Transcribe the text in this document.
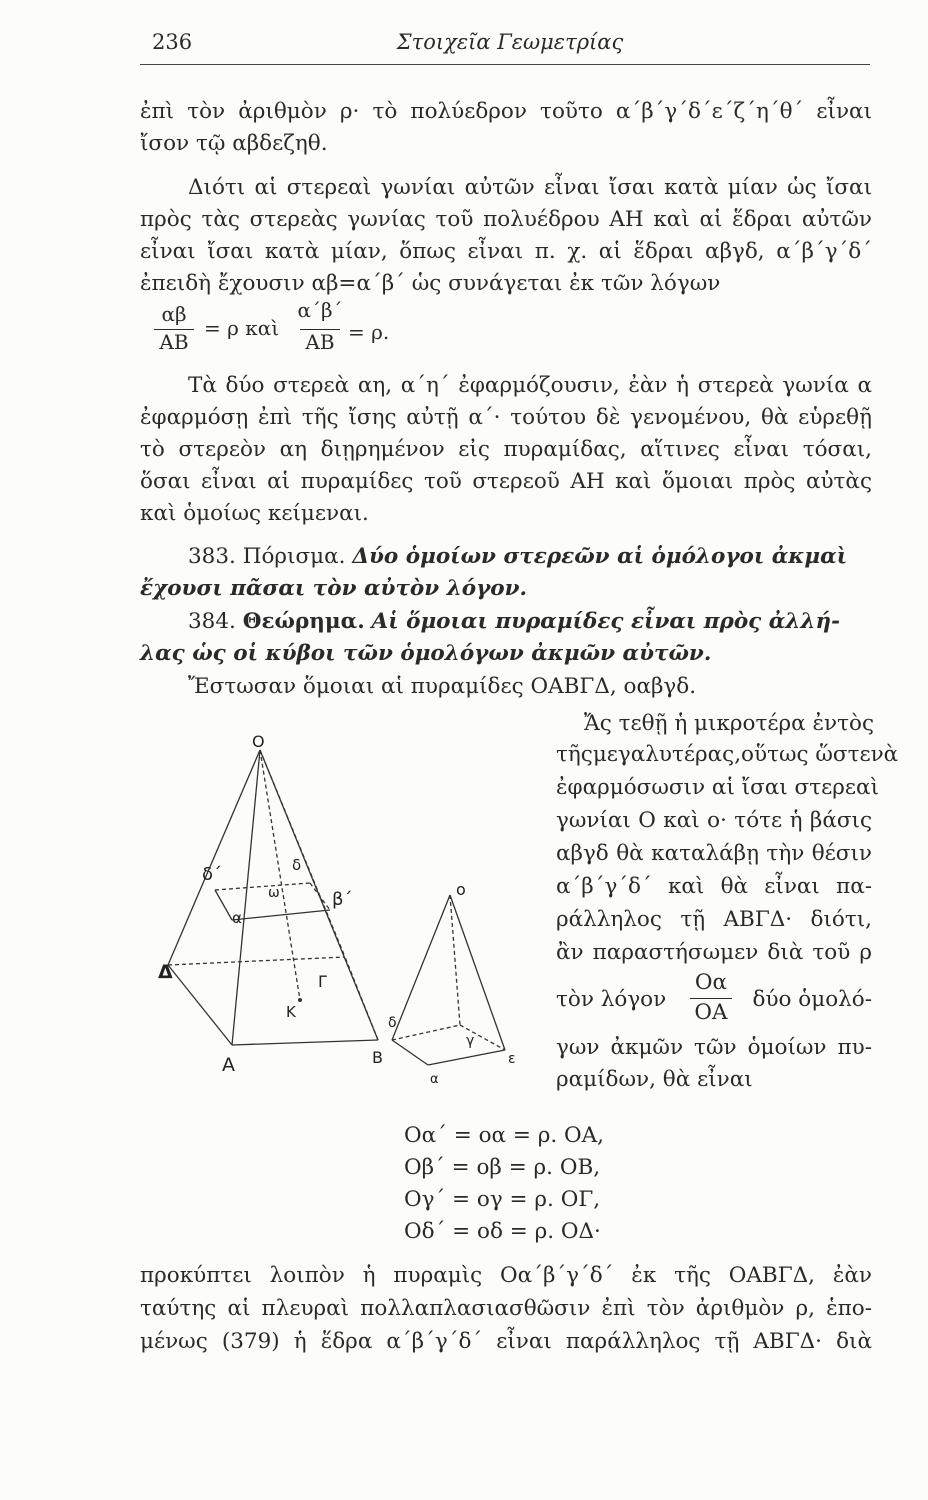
236	Στοιχεῖα Γεωμετρίας
ἐπὶ τὸν ἀριθμὸν ρ· τὸ πολύεδρον τοῦτο α΄β΄γ΄δ΄ε΄ζ΄η΄θ΄ εἶναι
ἴσον τῷ αβδεζηθ.
Διότι αἱ στερεαὶ γωνίαι αὐτῶν εἶναι ἴσαι κατὰ μίαν ὡς ἴσαι
πρὸς τὰς στερεὰς γωνίας τοῦ πολυέδρου ΑΗ καὶ αἱ ἕδραι αὐτῶν
εἶναι ἴσαι κατὰ μίαν, ὅπως εἶναι π. χ. αἱ ἕδραι αβγδ, α΄β΄γ΄δ΄
ἐπειδὴ ἔχουσιν αβ=α΄β΄ ὡς συνάγεται ἐκ τῶν λόγων
αβ
ΑΒ
= ρ καὶ
α΄β΄
ΑΒ = ρ.
Τὰ δύο στερεὰ αη, α΄η΄ ἐφαρμόζουσιν, ἐὰν ἡ στερεὰ γωνία α
ἐφαρμόσῃ ἐπὶ τῆς ἴσης αὐτῇ α΄· τούτου δὲ γενομένου, θὰ εὑρεθῇ
τὸ στερεὸν αη διῃρημένον εἰς πυραμίδας, αἵτινες εἶναι τόσαι,
ὅσαι εἶναι αἱ πυραμίδες τοῦ στερεοῦ ΑΗ καὶ ὅμοιαι πρὸς αὐτὰς
καὶ ὁμοίως κείμεναι.
383. Πόρισμα. Δύο ὁμοίων στερεῶν αἱ ὁμόλογοι ἀκμαὶ
ἔχουσι πᾶσαι τὸν αὐτὸν λόγον.
384. Θεώρημα. Αἱ ὅμοιαι πυραμίδες εἶναι πρὸς ἀλλή-
λας ὡς οἱ κύβοι τῶν ὁμολόγων ἀκμῶν αὐτῶν.
Ἔστωσαν ὅμοιαι αἱ πυραμίδες ΟΑΒΓΔ, οαβγδ.
O
δ΄	δ
ω	β΄
α
Δ	Γ
K
A	B
ο
δ
γ
α
ε
Ἄς τεθῇ ἡ μικροτέρα ἐντὸς
τῆςμεγαλυτέρας,οὕτως ὥστενὰ
ἐφαρμόσωσιν αἱ ἴσαι στερεαὶ
γωνίαι Ο καὶ ο· τότε ἡ βάσις
αβγδ θὰ καταλάβῃ τὴν θέσιν
α΄β΄γ΄δ΄ καὶ θὰ εἶναι πα-
ράλληλος τῇ ΑΒΓΔ· διότι,
ἂν παραστήσωμεν διὰ τοῦ ρ
τὸν λόγον
Οα
ΟΑ
δύο ὁμολό-
γων ἀκμῶν τῶν ὁμοίων πυ-
ραμίδων, θὰ εἶναι
Οα΄ = οα = ρ. ΟΑ,
Οβ΄ = οβ = ρ. ΟΒ,
Ογ΄ = ογ = ρ. ΟΓ,
Οδ΄ = οδ = ρ. ΟΔ·
προκύπτει λοιπὸν ἡ πυραμὶς Οα΄β΄γ΄δ΄ ἐκ τῆς ΟΑΒΓΔ, ἐὰν
ταύτης αἱ πλευραὶ πολλαπλασιασθῶσιν ἐπὶ τὸν ἀριθμὸν ρ, ἑπο-
μένως (379) ἡ ἕδρα α΄β΄γ΄δ΄ εἶναι παράλληλος τῇ ΑΒΓΔ· διὰ
